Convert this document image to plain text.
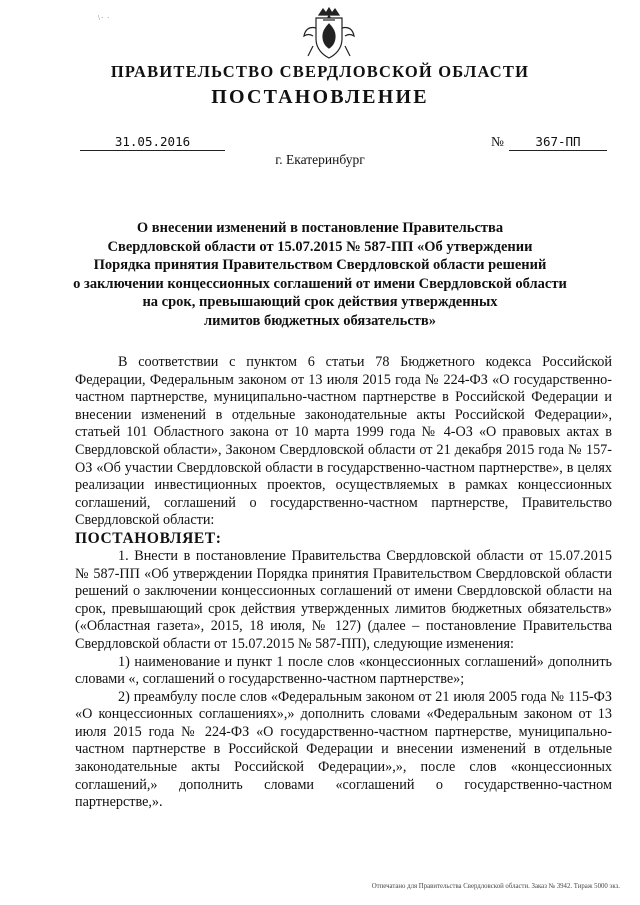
\· ·
ПРАВИТЕЛЬСТВО СВЕРДЛОВСКОЙ ОБЛАСТИ
ПОСТАНОВЛЕНИЕ
31.05.2016	№	367-ПП
г. Екатеринбург
О внесении изменений в постановление Правительства
Свердловской области от 15.07.2015 № 587-ПП «Об утверждении
Порядка принятия Правительством Свердловской области решений
о заключении концессионных соглашений от имени Свердловской области
на срок, превышающий срок действия утвержденных
лимитов бюджетных обязательств»

В соответствии с пунктом 6 статьи 78 Бюджетного кодекса Российской Федерации, Федеральным законом от 13 июля 2015 года № 224-ФЗ «О государственно-частном партнерстве, муниципально-частном партнерстве в Российской Федерации и внесении изменений в отдельные законодательные акты Российской Федерации», статьей 101 Областного закона от 10 марта 1999 года № 4-ОЗ «О правовых актах в Свердловской области», Законом Свердловской области от 21 декабря 2015 года № 157-ОЗ «Об участии Свердловской области в государственно-частном партнерстве», в целях реализации инвестиционных проектов, осуществляемых в рамках концессионных соглашений, соглашений о государственно-частном партнерстве, Правительство Свердловской области:

ПОСТАНОВЛЯЕТ:

1. Внести в постановление Правительства Свердловской области от 15.07.2015 № 587-ПП «Об утверждении Порядка принятия Правительством Свердловской области решений о заключении концессионных соглашений от имени Свердловской области на срок, превышающий срок действия утвержденных лимитов бюджетных обязательств» («Областная газета», 2015, 18 июля, № 127) (далее – постановление Правительства Свердловской области от 15.07.2015 № 587-ПП), следующие изменения:

1) наименование и пункт 1 после слов «концессионных соглашений» дополнить словами «, соглашений о государственно-частном партнерстве»;

2) преамбулу после слов «Федеральным законом от 21 июля 2005 года № 115-ФЗ «О концессионных соглашениях»,» дополнить словами «Федеральным законом от 13 июля 2015 года № 224-ФЗ «О государственно-частном партнерстве, муниципально-частном партнерстве в Российской Федерации и внесении изменений в отдельные законодательные акты Российской Федерации»,», после слов «концессионных соглашений,» дополнить словами «соглашений о государственно-частном партнерстве,».

Отпечатано для Правительства Свердловской области. Заказ № 3942. Тираж 5000 экз.
